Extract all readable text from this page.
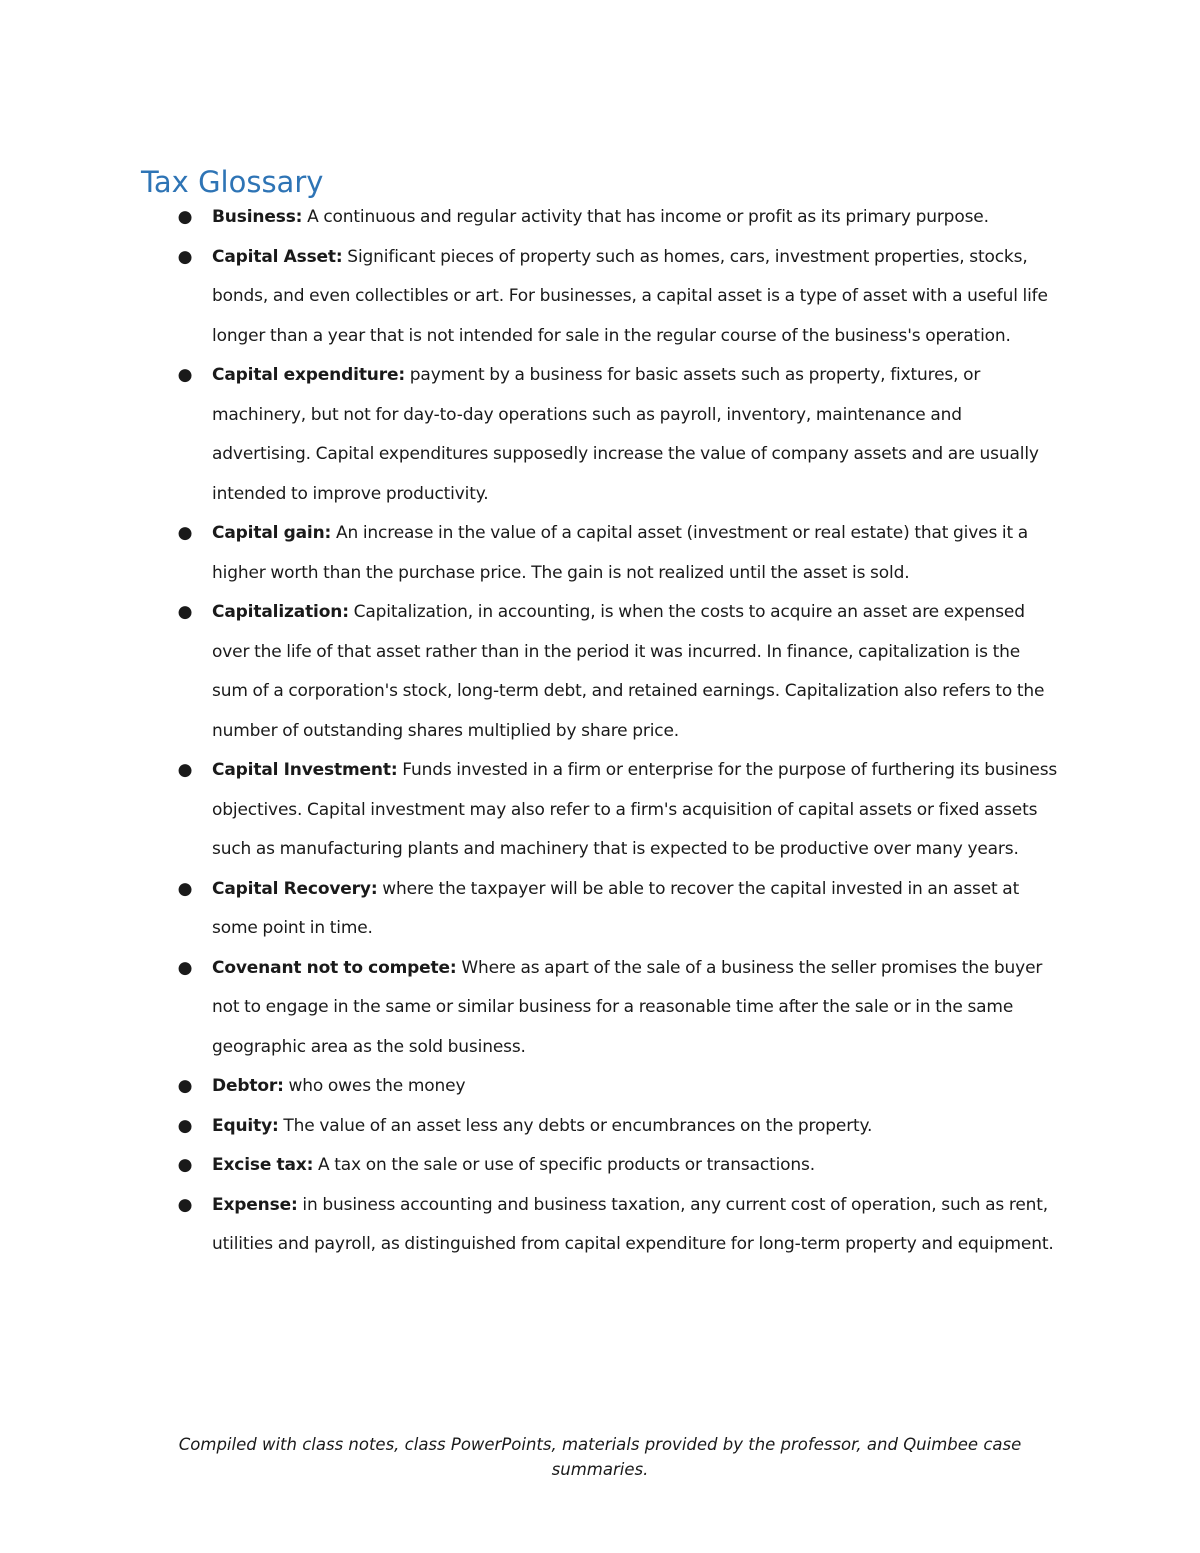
Tax Glossary
● Business: A continuous and regular activity that has income or profit as its primary purpose.
● Capital Asset: Significant pieces of property such as homes, cars, investment properties, stocks, bonds, and even collectibles or art. For businesses, a capital asset is a type of asset with a useful life longer than a year that is not intended for sale in the regular course of the business's operation.
● Capital expenditure: payment by a business for basic assets such as property, fixtures, or machinery, but not for day-to-day operations such as payroll, inventory, maintenance and advertising. Capital expenditures supposedly increase the value of company assets and are usually intended to improve productivity.
● Capital gain: An increase in the value of a capital asset (investment or real estate) that gives it a higher worth than the purchase price. The gain is not realized until the asset is sold.
● Capitalization: Capitalization, in accounting, is when the costs to acquire an asset are expensed over the life of that asset rather than in the period it was incurred. In finance, capitalization is the sum of a corporation's stock, long-term debt, and retained earnings. Capitalization also refers to the number of outstanding shares multiplied by share price.
● Capital Investment: Funds invested in a firm or enterprise for the purpose of furthering its business objectives. Capital investment may also refer to a firm's acquisition of capital assets or fixed assets such as manufacturing plants and machinery that is expected to be productive over many years.
● Capital Recovery: where the taxpayer will be able to recover the capital invested in an asset at some point in time.
● Covenant not to compete: Where as apart of the sale of a business the seller promises the buyer not to engage in the same or similar business for a reasonable time after the sale or in the same geographic area as the sold business.
● Debtor: who owes the money
● Equity: The value of an asset less any debts or encumbrances on the property.
● Excise tax: A tax on the sale or use of specific products or transactions.
● Expense: in business accounting and business taxation, any current cost of operation, such as rent, utilities and payroll, as distinguished from capital expenditure for long-term property and equipment.

Compiled with class notes, class PowerPoints, materials provided by the professor, and Quimbee case summaries.
